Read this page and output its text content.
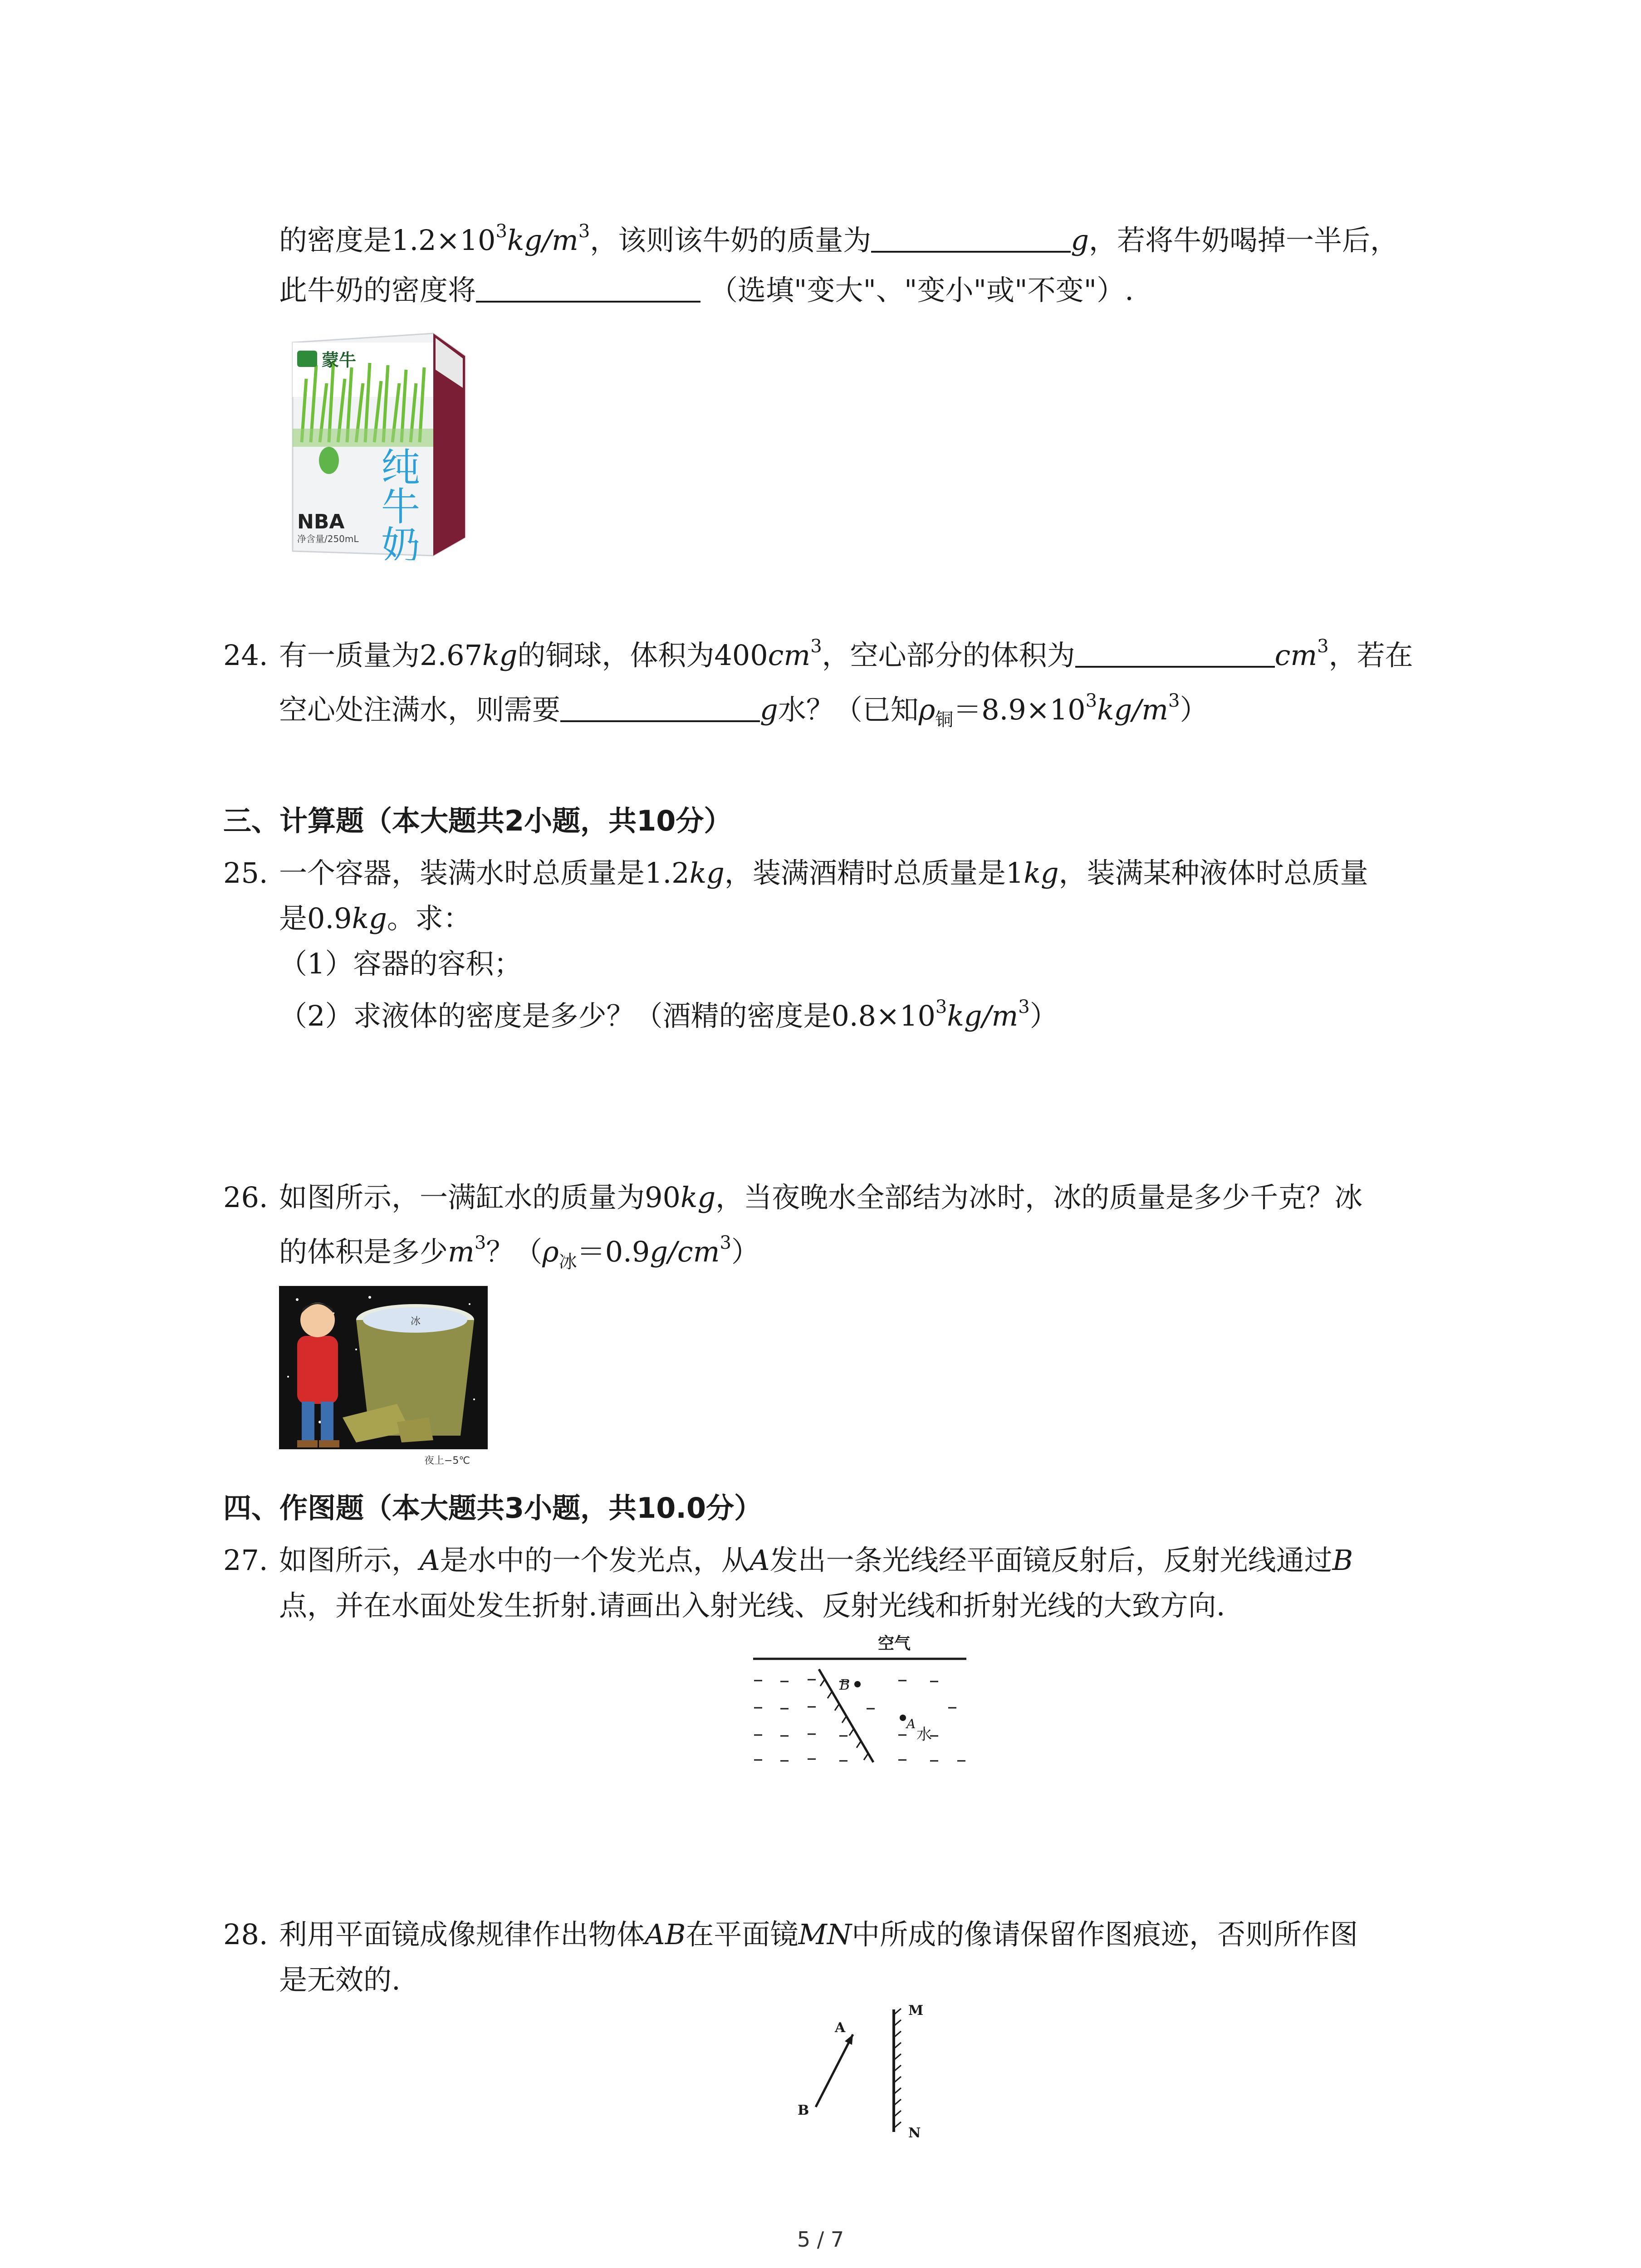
的密度是$1.2\times 10^3kg/m^3$，该则该牛奶的质量为	g，若将牛奶喝掉一半后，
此牛奶的密度将	（选填"变大"、"变小"或"不变"）.
蒙牛
纯牛奶
NBA
净含量/250mL
24. 有一质量为2.67kg的铜球，体积为$400cm^3$，空心部分的体积为	$cm^3$，若在
空心处注满水，则需要	g水？（已知$\rho_铜=8.9\times 10^3kg/m^3$）
三、计算题（本大题共2小题，共10分）
25. 一个容器，装满水时总质量是1.2kg，装满酒精时总质量是1kg，装满某种液体时总质量
是0.9kg。求：
（1）容器的容积；
（2）求液体的密度是多少？（酒精的密度是$0.8\times 10^3kg/m^3$）
26. 如图所示，一满缸水的质量为90kg，当夜晚水全部结为冰时，冰的质量是多少千克？冰
的体积是多少$m^3$？$(\rho_冰=0.9g/cm^3)$
冰
夜上−5℃
四、作图题（本大题共3小题，共10.0分）
27. 如图所示，A是水中的一个发光点，从A发出一条光线经平面镜反射后，反射光线通过B
点，并在水面处发生折射.请画出入射光线、反射光线和折射光线的大致方向.
空气
B
A
水
28. 利用平面镜成像规律作出物体AB在平面镜MN中所成的像请保留作图痕迹，否则所作图
是无效的.
A
B
M
N
5 / 7
